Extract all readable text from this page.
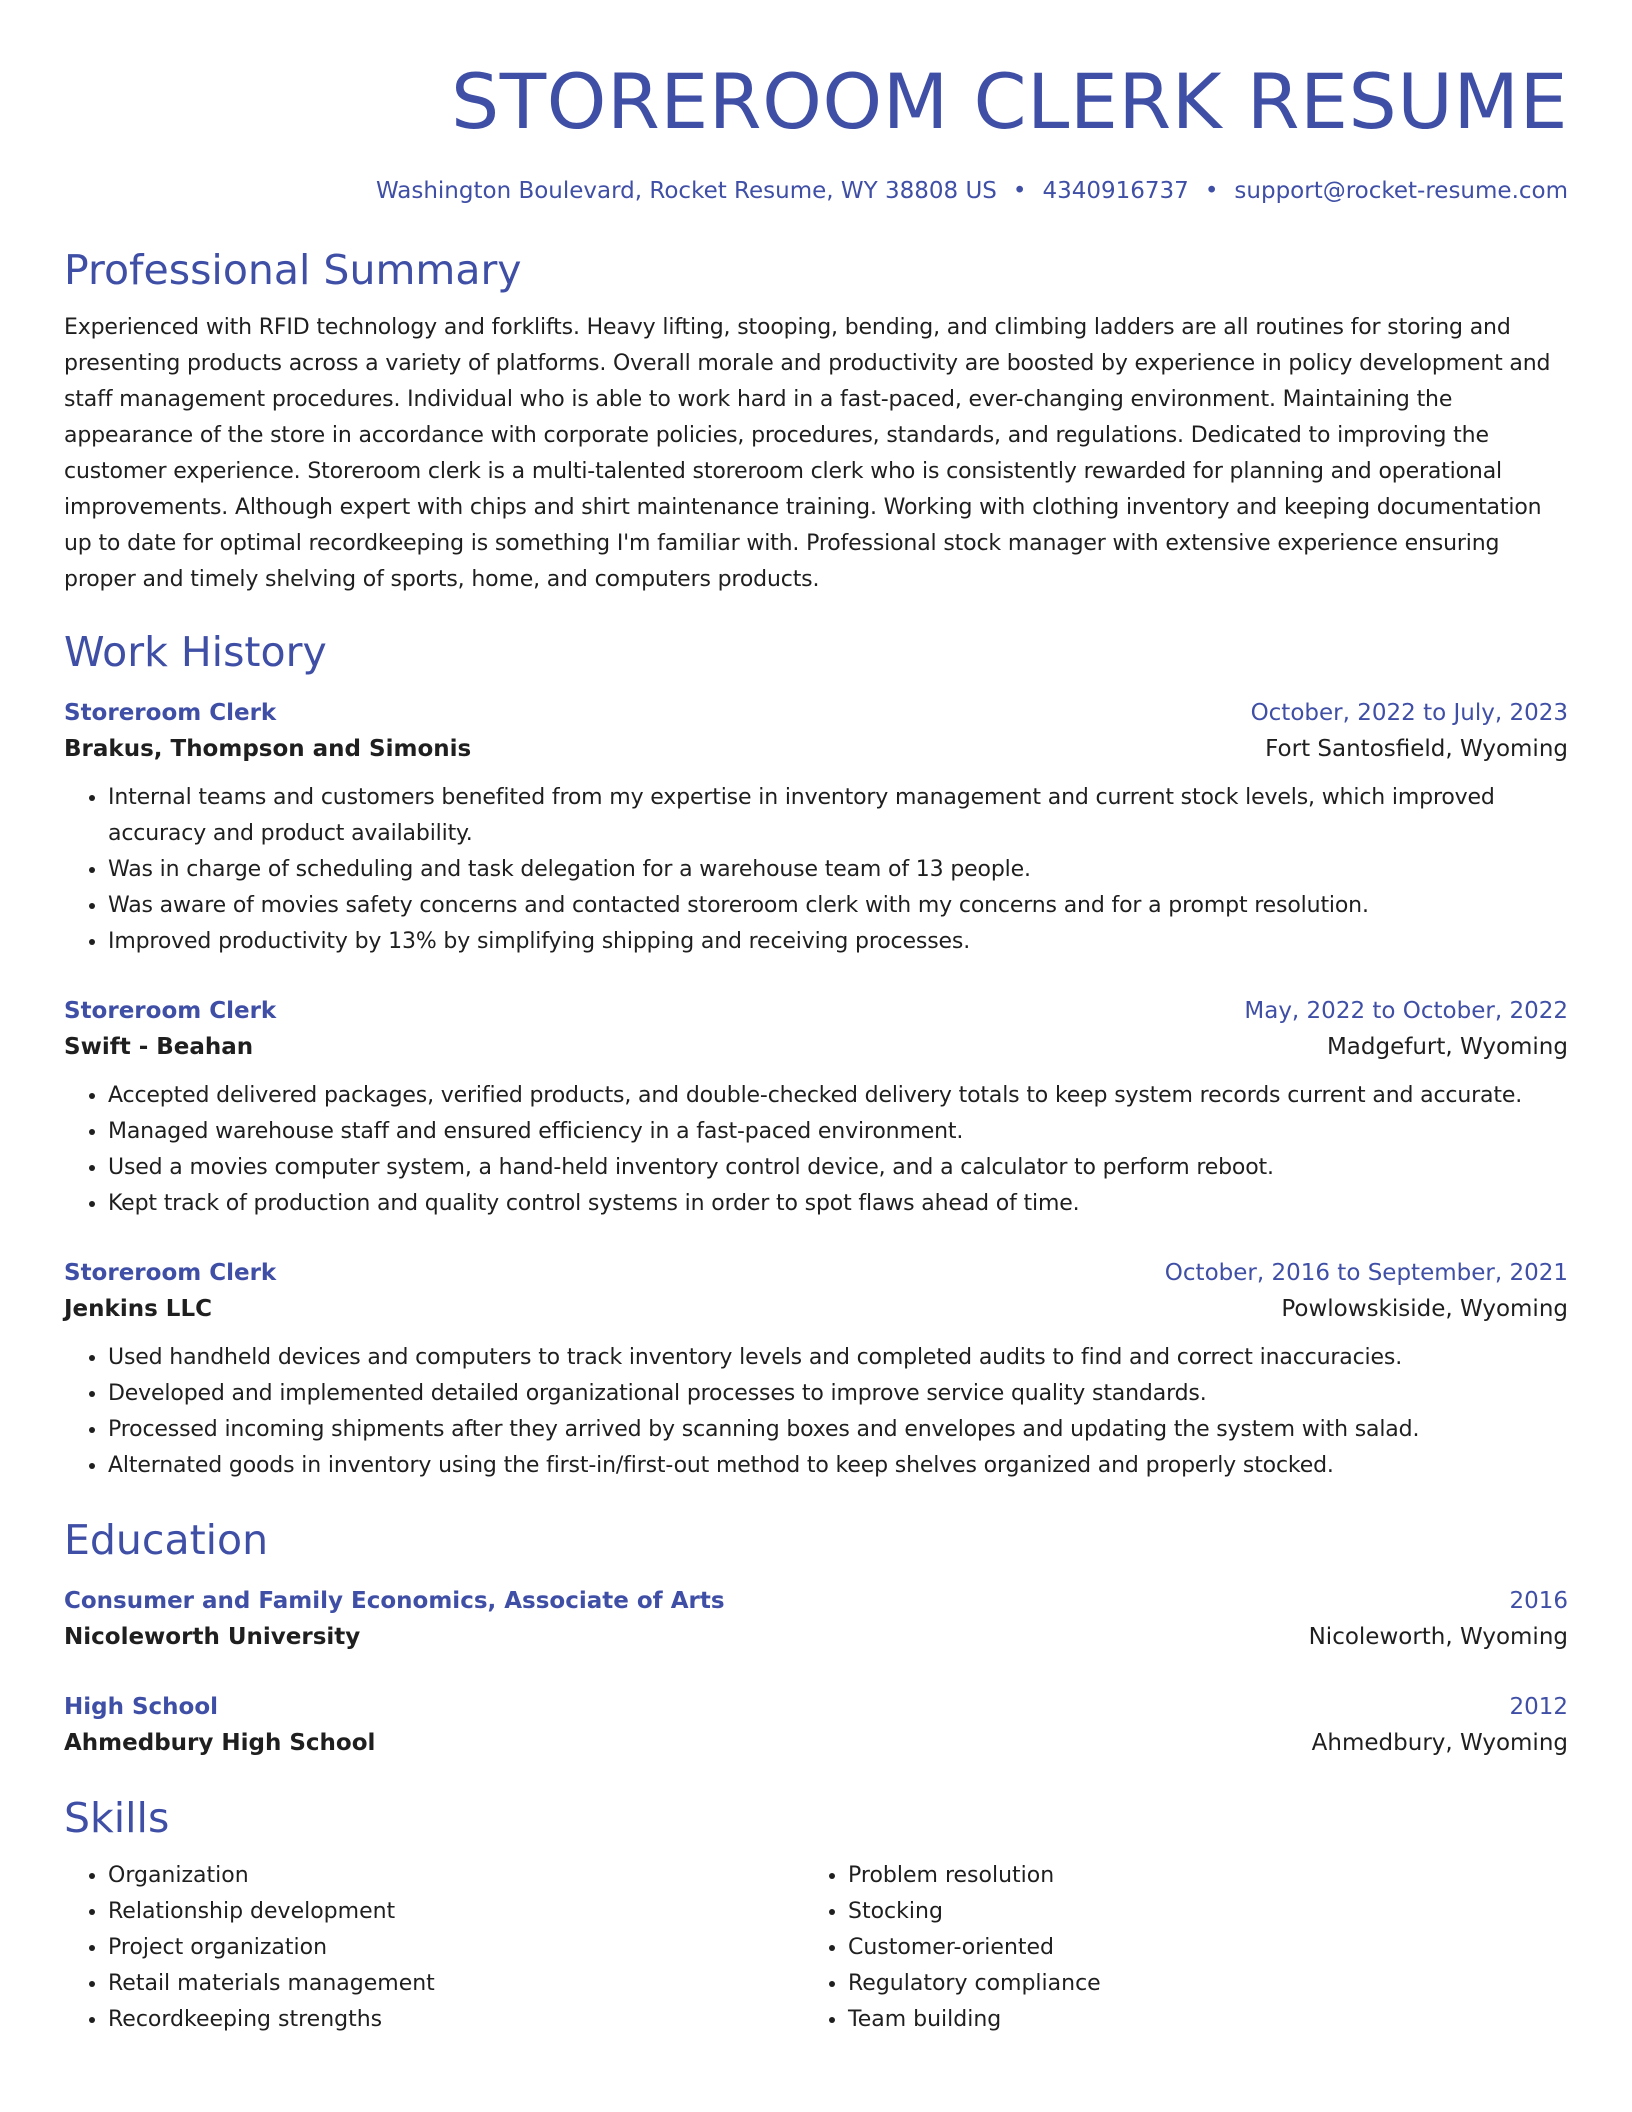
STOREROOM CLERK RESUME
Washington Boulevard, Rocket Resume, WY 38808 US • 4340916737 • support@rocket-resume.com
Professional Summary
Experienced with RFID technology and forklifts. Heavy lifting, stooping, bending, and climbing ladders are all routines for storing and presenting products across a variety of platforms. Overall morale and productivity are boosted by experience in policy development and staff management procedures. Individual who is able to work hard in a fast-paced, ever-changing environment. Maintaining the appearance of the store in accordance with corporate policies, procedures, standards, and regulations. Dedicated to improving the customer experience. Storeroom clerk is a multi-talented storeroom clerk who is consistently rewarded for planning and operational improvements. Although expert with chips and shirt maintenance training. Working with clothing inventory and keeping documentation up to date for optimal recordkeeping is something I'm familiar with. Professional stock manager with extensive experience ensuring proper and timely shelving of sports, home, and computers products.
Work History
Storeroom Clerk	October, 2022 to July, 2023
Brakus, Thompson and Simonis	Fort Santosfield, Wyoming
• Internal teams and customers benefited from my expertise in inventory management and current stock levels, which improved accuracy and product availability.
• Was in charge of scheduling and task delegation for a warehouse team of 13 people.
• Was aware of movies safety concerns and contacted storeroom clerk with my concerns and for a prompt resolution.
• Improved productivity by 13% by simplifying shipping and receiving processes.
Storeroom Clerk	May, 2022 to October, 2022
Swift - Beahan	Madgefurt, Wyoming
• Accepted delivered packages, verified products, and double-checked delivery totals to keep system records current and accurate.
• Managed warehouse staff and ensured efficiency in a fast-paced environment.
• Used a movies computer system, a hand-held inventory control device, and a calculator to perform reboot.
• Kept track of production and quality control systems in order to spot flaws ahead of time.
Storeroom Clerk	October, 2016 to September, 2021
Jenkins LLC	Powlowskiside, Wyoming
• Used handheld devices and computers to track inventory levels and completed audits to find and correct inaccuracies.
• Developed and implemented detailed organizational processes to improve service quality standards.
• Processed incoming shipments after they arrived by scanning boxes and envelopes and updating the system with salad.
• Alternated goods in inventory using the first-in/first-out method to keep shelves organized and properly stocked.
Education
Consumer and Family Economics, Associate of Arts	2016
Nicoleworth University	Nicoleworth, Wyoming
High School	2012
Ahmedbury High School	Ahmedbury, Wyoming
Skills
• Organization
• Relationship development
• Project organization
• Retail materials management
• Recordkeeping strengths
• Problem resolution
• Stocking
• Customer-oriented
• Regulatory compliance
• Team building
